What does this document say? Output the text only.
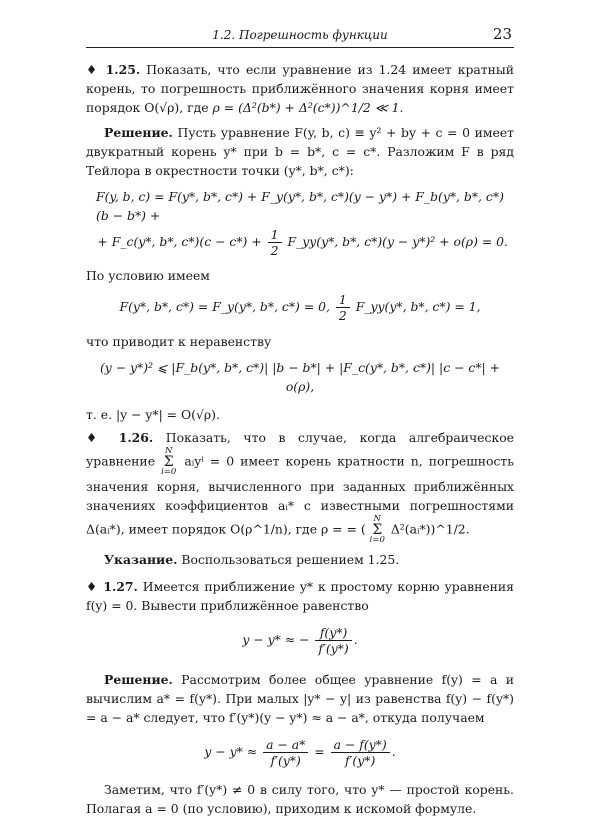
1.2. Погрешность функции	23

♦ 1.25. Показать, что если уравнение из 1.24 имеет кратный корень, то погрешность приближённого значения корня имеет порядок O(√ρ), где ρ = (Δ²(b*) + Δ²(c*))^1/2 ≪ 1.

Решение. Пусть уравнение F(y, b, c) ≡ y² + by + c = 0 имеет двукратный корень y* при b = b*, c = c*. Разложим F в ряд Тейлора в окрестности точки (y*, b*, c*):

F(y, b, c) = F(y*, b*, c*) + F_y(y*, b*, c*)(y − y*) + F_b(y*, b*, c*)(b − b*) +
+ F_c(y*, b*, $c*)(c - c*) + \frac{1}{2}$ F_yy(y*, b*, c*)(y − y*)² + o(ρ) = 0.

По условию имеем

F(y*, b*, c*) = F_y(y*, b*, c*) = 0, $\frac{1}{2}$ F_yy(y*, b*, c*) = 1,

что приводит к неравенству

(y − y*)² ⩽ |F_b(y*, b*, c*)| |b − b*| + |F_c(y*, b*, c*)| |c − c*| + o(ρ),

т. е. |y − y*| = O(√ρ).

♦ 1.26. Показать, что в случае, когда алгебраическое уравнение
N
Σ
i=0
aᵢyⁱ = 0 имеет корень кратности n, погрешность значения корня, вычисленного при заданных приближённых значениях коэффициентов aᵢ* с известными погрешностями Δ(aᵢ*), имеет порядок O(ρ^1/n), где ρ = = (
N
Σ
i=0
Δ²(aᵢ*))^1/2.

Указание. Воспользоваться решением 1.25.

♦ 1.27. Имеется приближение y* к простому корню уравнения f(y) = 0. Вывести приближённое равенство

y − y* ≈ − $\frac{f(y*)}{f'(y*)}$ .

Решение. Рассмотрим более общее уравнение f(y) = a и вычислим a* = f(y*). При малых |y* − y| из равенства f(y) − f(y*) = a − a* следует, что f′(y*)(y − y*) ≈ a − a*, откуда получаем

$y - y* \approx \frac{a - a*}{f'(y*)} = \frac{a - f(y*)}{f'(y*)}$ .

Заметим, что f′(y*) ≠ 0 в силу того, что y* — простой корень. Полагая a = 0 (по условию), приходим к искомой формуле.
